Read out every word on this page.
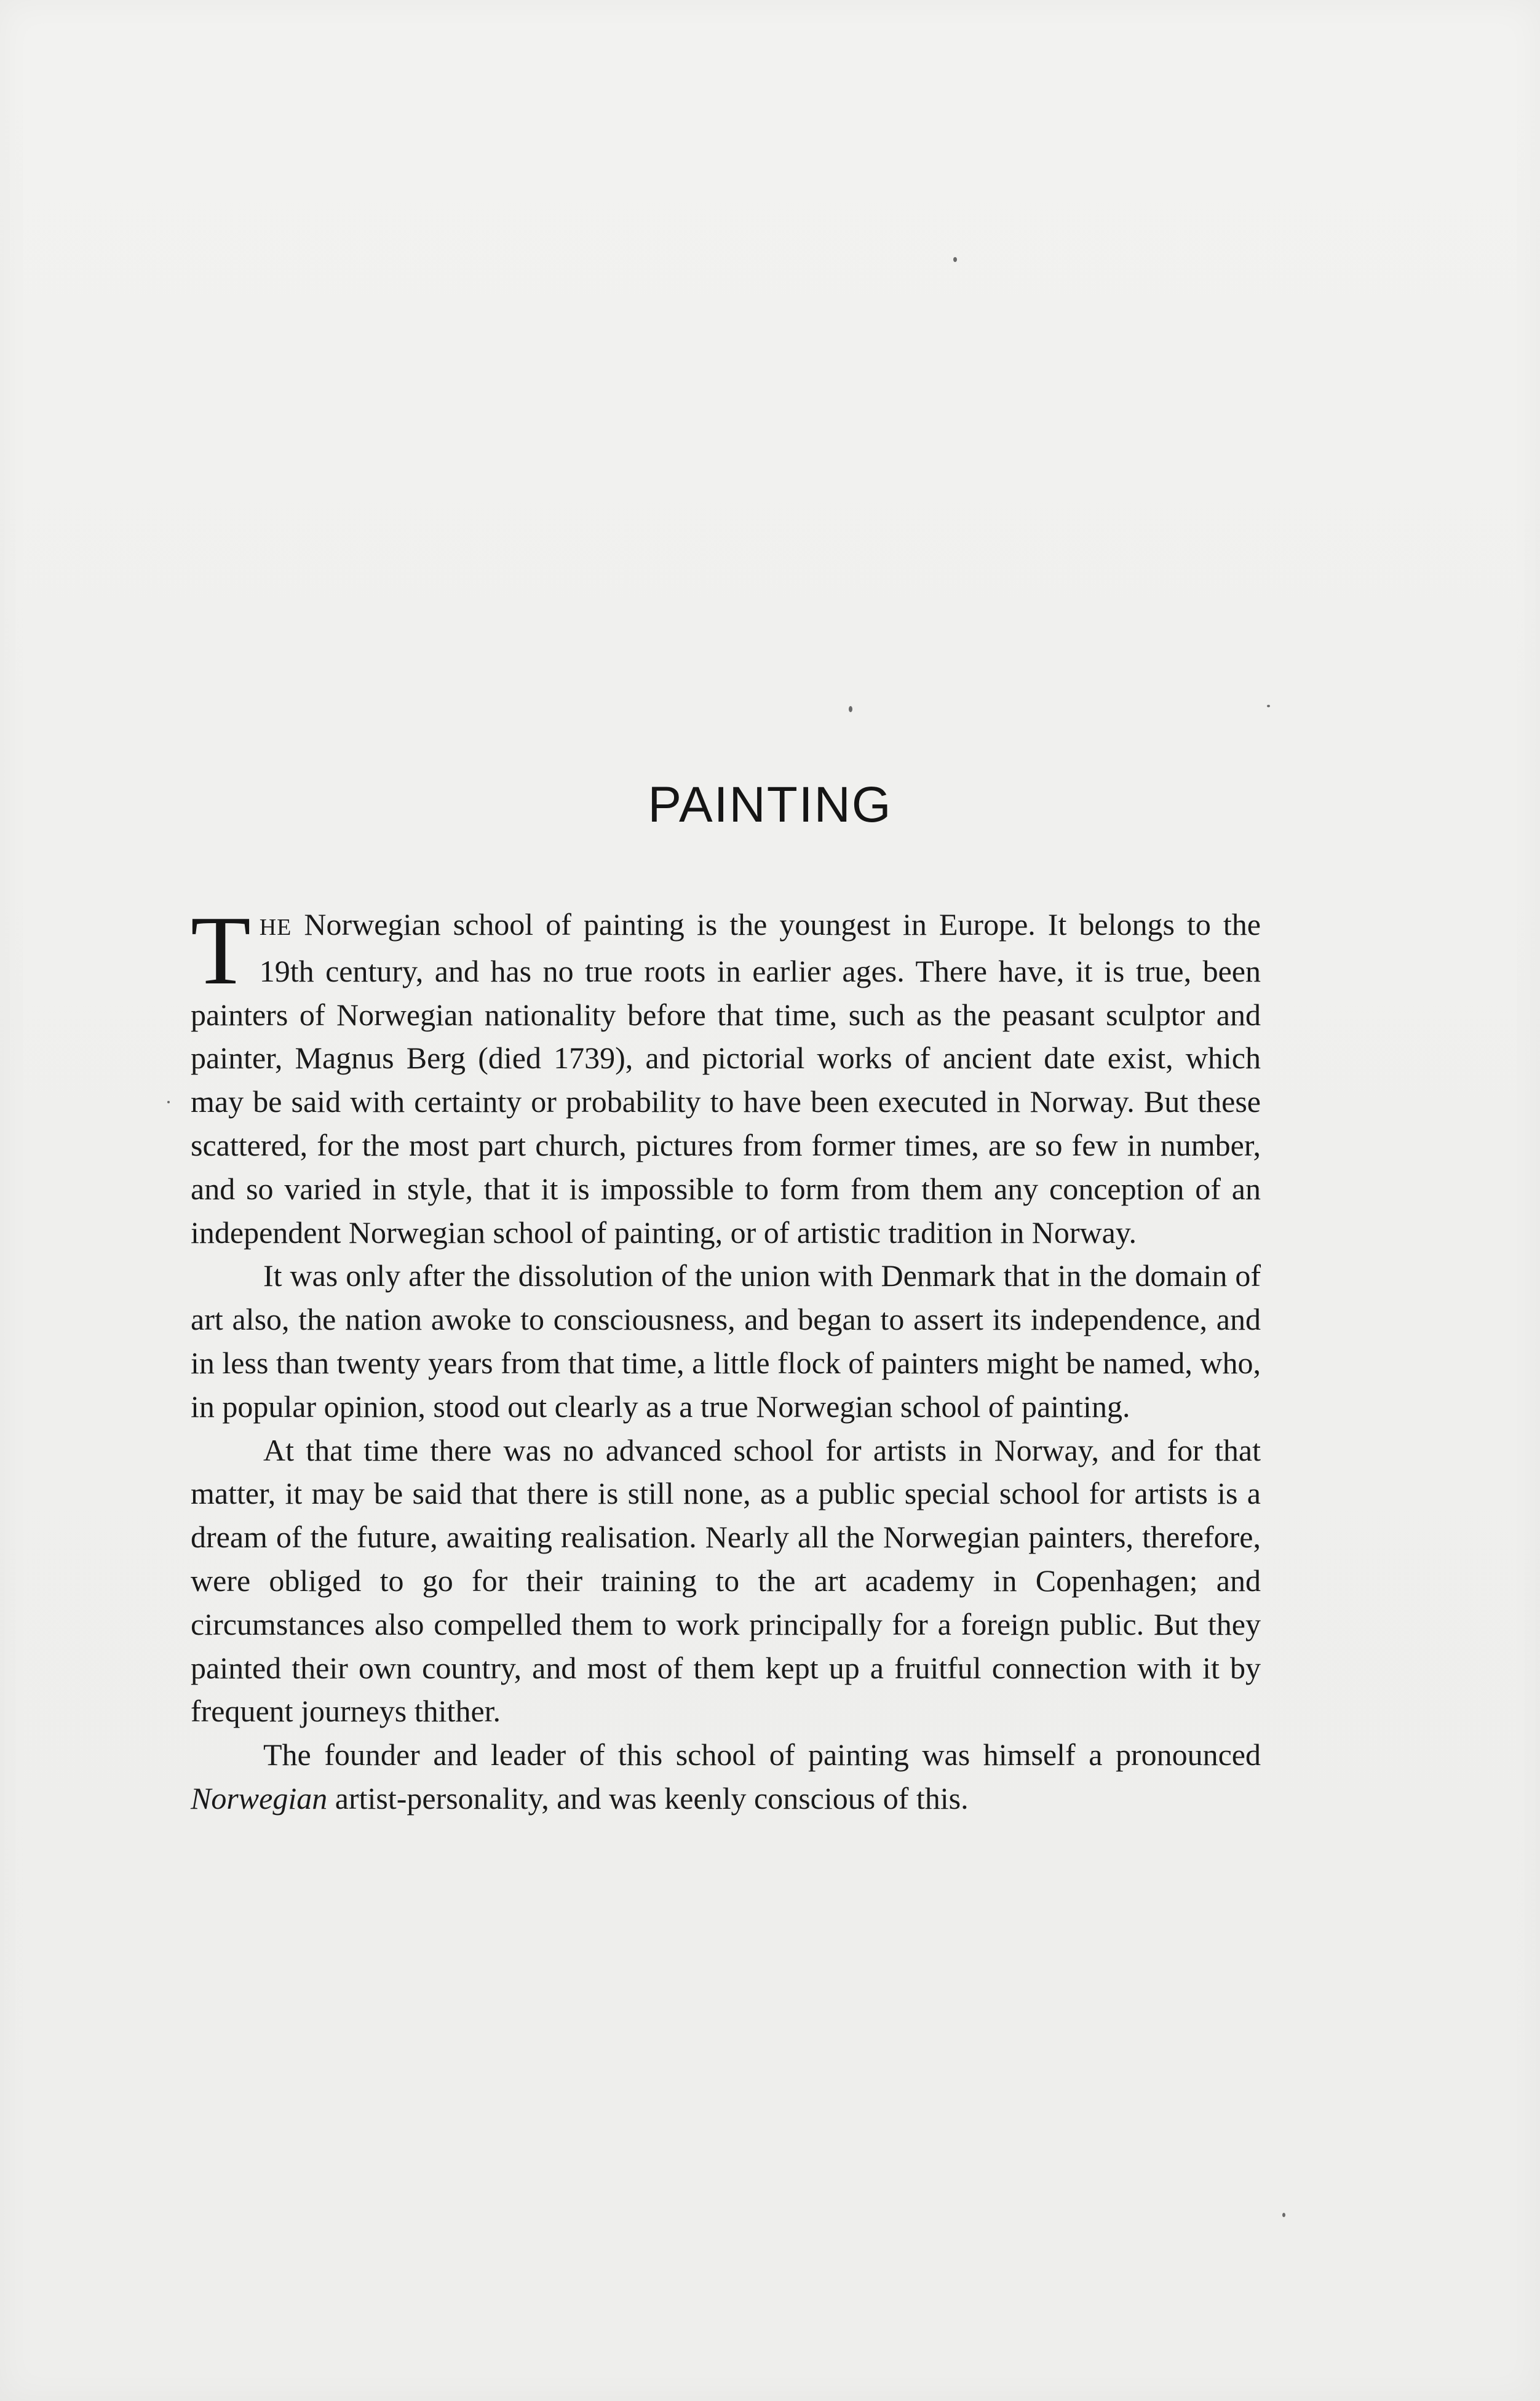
PAINTING

THE Norwegian school of painting is the youngest in Europe. It belongs to the 19th century, and has no true roots in earlier ages. There have, it is true, been painters of Norwegian nationality before that time, such as the peasant sculptor and painter, Magnus Berg (died 1739), and pictorial works of ancient date exist, which may be said with certainty or probability to have been executed in Norway. But these scattered, for the most part church, pictures from former times, are so few in number, and so varied in style, that it is impossible to form from them any conception of an independent Norwegian school of painting, or of artistic tradition in Norway.

It was only after the dissolution of the union with Denmark that in the domain of art also, the nation awoke to consciousness, and began to assert its independence, and in less than twenty years from that time, a little flock of painters might be named, who, in popular opinion, stood out clearly as a true Norwegian school of painting.

At that time there was no advanced school for artists in Norway, and for that matter, it may be said that there is still none, as a public special school for artists is a dream of the future, awaiting realisation. Nearly all the Norwegian painters, therefore, were obliged to go for their training to the art academy in Copenhagen; and circumstances also compelled them to work principally for a foreign public. But they painted their own country, and most of them kept up a fruitful connection with it by frequent journeys thither.

The founder and leader of this school of painting was himself a pronounced Norwegian artist-personality, and was keenly conscious of this.
